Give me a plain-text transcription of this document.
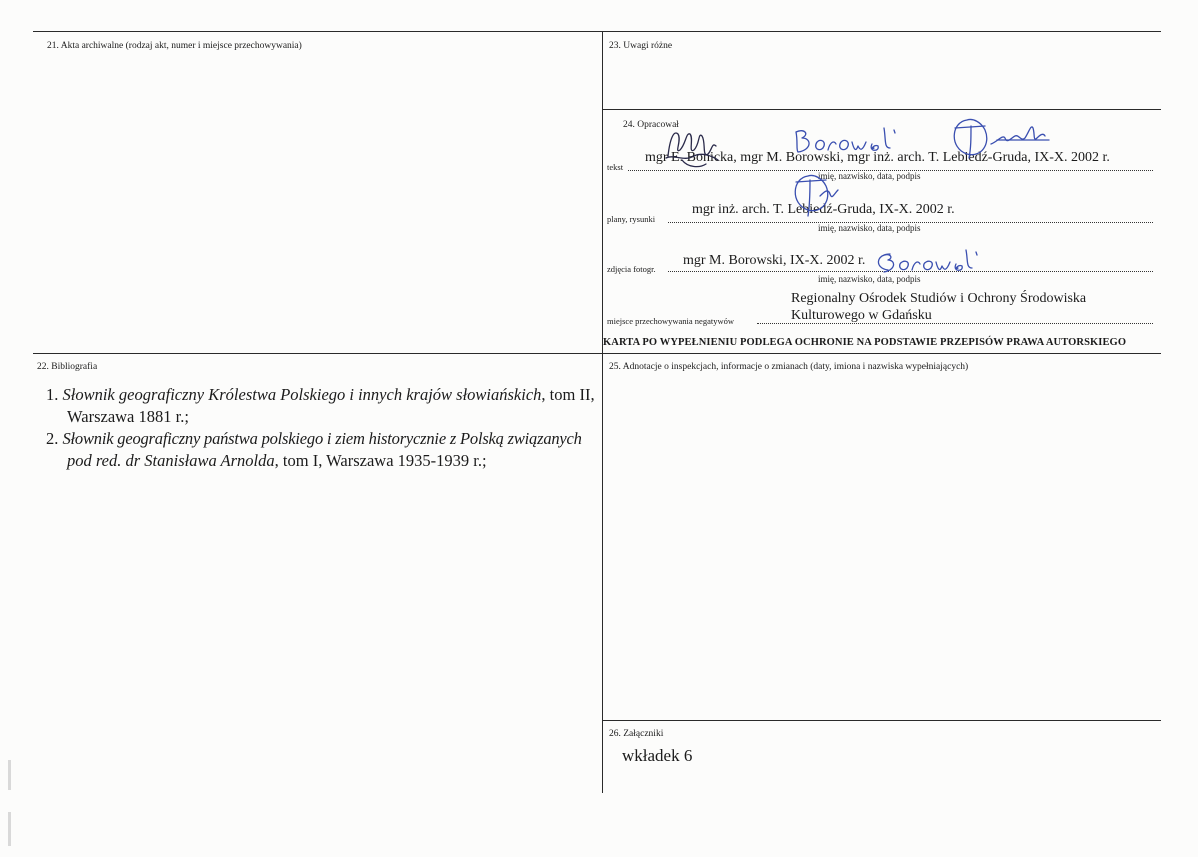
21. Akta archiwalne (rodzaj akt, numer i miejsce przechowywania)
22. Bibliografia
1. Słownik geograficzny Królestwa Polskiego i innych krajów słowiańskich, tom II,
Warszawa 1881 r.;
2. Słownik geograficzny państwa polskiego i ziem historycznie z Polską związanych
pod red. dr Stanisława Arnolda, tom I, Warszawa 1935-1939 r.;
23. Uwagi różne
24. Opracował
tekst
mgr E. Bonicka, mgr M. Borowski, mgr inż. arch. T. Lebiedź-Gruda, IX-X. 2002 r.
imię, nazwisko, data, podpis
plany, rysunki
mgr inż. arch. T. Lebiedź-Gruda, IX-X. 2002 r.
imię, nazwisko, data, podpis
zdjęcia fotogr.
mgr M. Borowski, IX-X. 2002 r.
imię, nazwisko, data, podpis
Regionalny Ośrodek Studiów i Ochrony Środowiska
miejsce przechowywania negatywów	Kulturowego w Gdańsku
KARTA PO WYPEŁNIENIU PODLEGA OCHRONIE NA PODSTAWIE PRZEPISÓW PRAWA AUTORSKIEGO
25. Adnotacje o inspekcjach, informacje o zmianach (daty, imiona i nazwiska wypełniających)
26. Załączniki
wkładek 6
